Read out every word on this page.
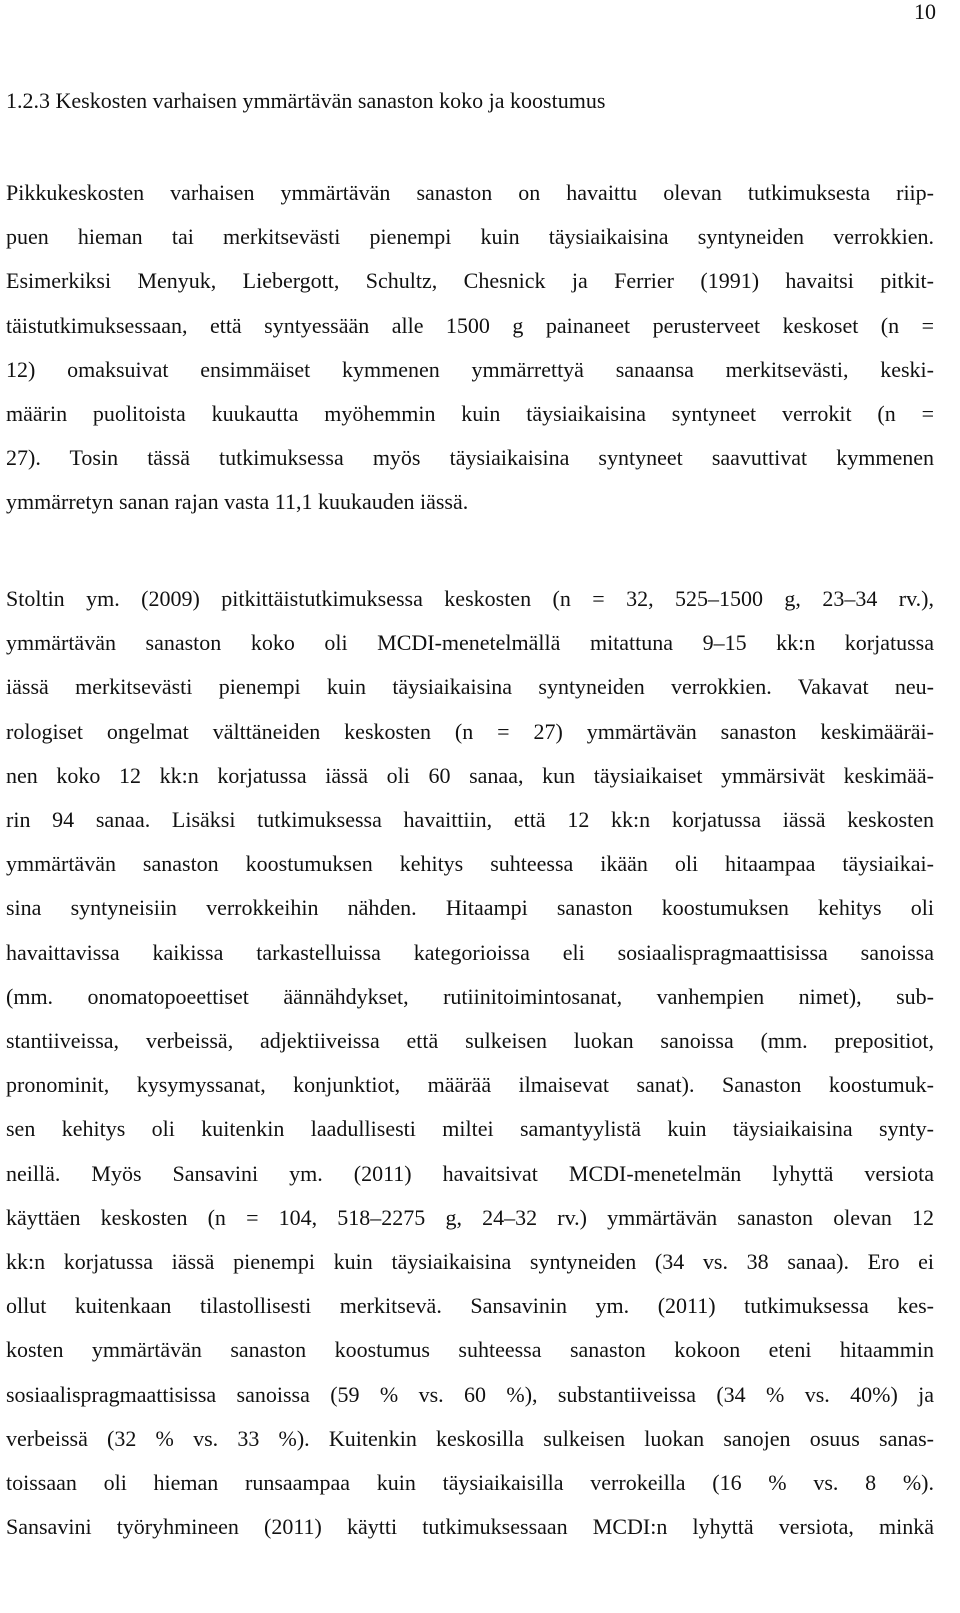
10
1.2.3 Keskosten varhaisen ymmärtävän sanaston koko ja koostumus
Pikkukeskosten varhaisen ymmärtävän sanaston on havaittu olevan tutkimuksesta riip-
puen hieman tai merkitsevästi pienempi kuin täysiaikaisina syntyneiden verrokkien.
Esimerkiksi Menyuk, Liebergott, Schultz, Chesnick ja Ferrier (1991) havaitsi pitkit-
täistutkimuksessaan, että syntyessään alle 1500 g painaneet perusterveet keskoset (n =
12) omaksuivat ensimmäiset kymmenen ymmärrettyä sanaansa merkitsevästi, keski-
määrin puolitoista kuukautta myöhemmin kuin täysiaikaisina syntyneet verrokit (n =
27). Tosin tässä tutkimuksessa myös täysiaikaisina syntyneet saavuttivat kymmenen
ymmärretyn sanan rajan vasta 11,1 kuukauden iässä.
Stoltin ym. (2009) pitkittäistutkimuksessa keskosten (n = 32, 525–1500 g, 23–34 rv.),
ymmärtävän sanaston koko oli MCDI-menetelmällä mitattuna 9–15 kk:n korjatussa
iässä merkitsevästi pienempi kuin täysiaikaisina syntyneiden verrokkien. Vakavat neu-
rologiset ongelmat välttäneiden keskosten (n = 27) ymmärtävän sanaston keskimääräi-
nen koko 12 kk:n korjatussa iässä oli 60 sanaa, kun täysiaikaiset ymmärsivät keskimää-
rin 94 sanaa. Lisäksi tutkimuksessa havaittiin, että 12 kk:n korjatussa iässä keskosten
ymmärtävän sanaston koostumuksen kehitys suhteessa ikään oli hitaampaa täysiaikai-
sina syntyneisiin verrokkeihin nähden. Hitaampi sanaston koostumuksen kehitys oli
havaittavissa kaikissa tarkastelluissa kategorioissa eli sosiaalispragmaattisissa sanoissa
(mm. onomatopoeettiset äännähdykset, rutiinitoimintosanat, vanhempien nimet), sub-
stantiiveissa, verbeissä, adjektiiveissa että sulkeisen luokan sanoissa (mm. prepositiot,
pronominit, kysymyssanat, konjunktiot, määrää ilmaisevat sanat). Sanaston koostumuk-
sen kehitys oli kuitenkin laadullisesti miltei samantyylistä kuin täysiaikaisina synty-
neillä. Myös Sansavini ym. (2011) havaitsivat MCDI-menetelmän lyhyttä versiota
käyttäen keskosten (n = 104, 518–2275 g, 24–32 rv.) ymmärtävän sanaston olevan 12
kk:n korjatussa iässä pienempi kuin täysiaikaisina syntyneiden (34 vs. 38 sanaa). Ero ei
ollut kuitenkaan tilastollisesti merkitsevä. Sansavinin ym. (2011) tutkimuksessa kes-
kosten ymmärtävän sanaston koostumus suhteessa sanaston kokoon eteni hitaammin
sosiaalispragmaattisissa sanoissa (59 % vs. 60 %), substantiiveissa (34 % vs. 40%) ja
verbeissä (32 % vs. 33 %). Kuitenkin keskosilla sulkeisen luokan sanojen osuus sanas-
toissaan oli hieman runsaampaa kuin täysiaikaisilla verrokeilla (16 % vs. 8 %).
Sansavini työryhmineen (2011) käytti tutkimuksessaan MCDI:n lyhyttä versiota, minkä
